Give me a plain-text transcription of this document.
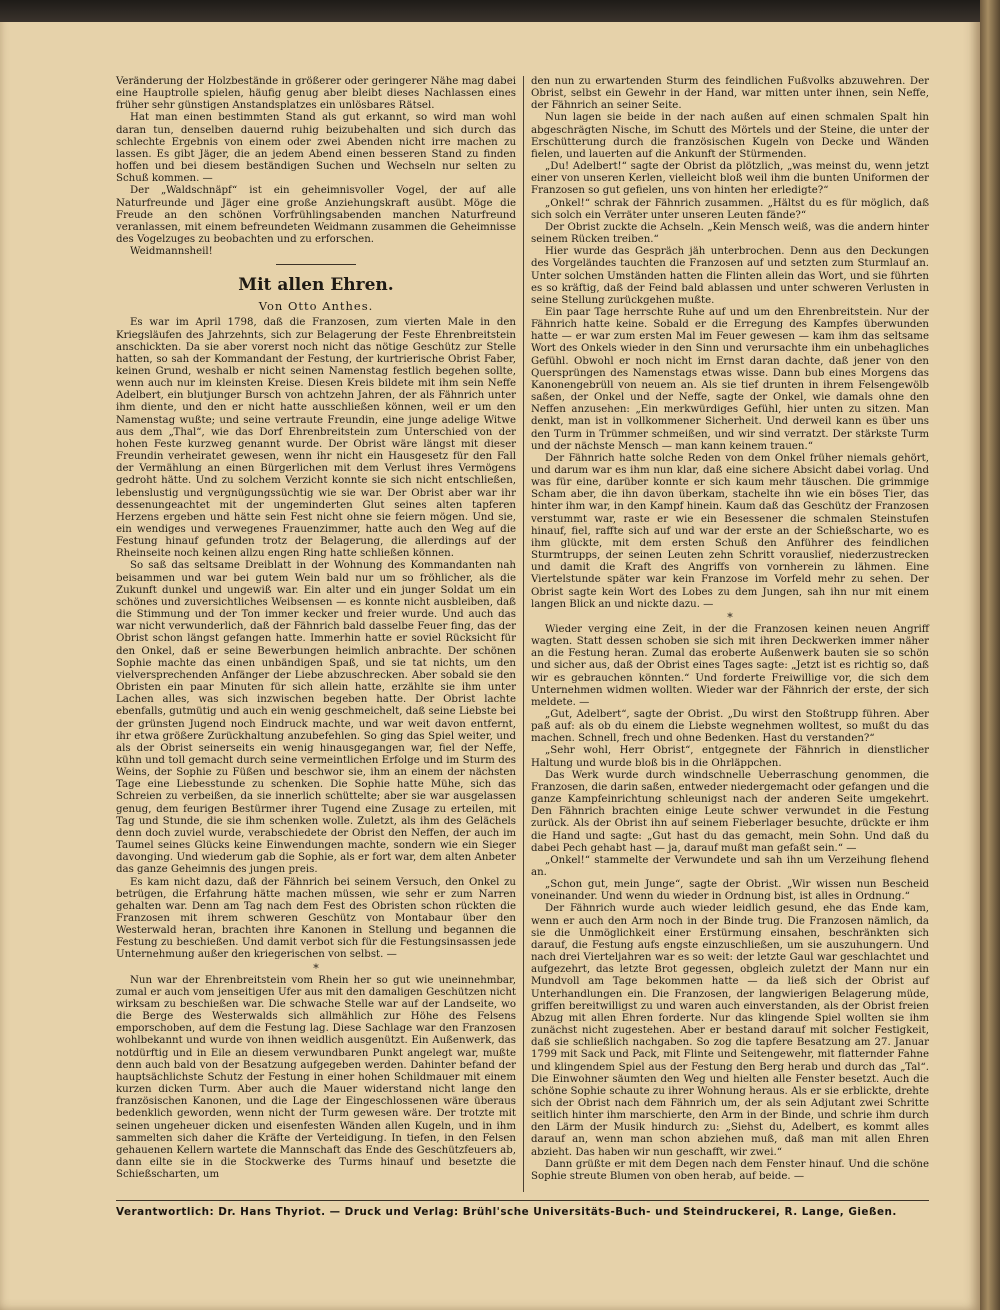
Veränderung der Holzbestände in größerer oder geringerer Nähe mag dabei eine Hauptrolle spielen, häufig genug aber bleibt dieses Nachlassen eines früher sehr günstigen Anstandsplatzes ein unlösbares Rätsel.

Hat man einen bestimmten Stand als gut erkannt, so wird man wohl daran tun, denselben dauernd ruhig beizubehalten und sich durch das schlechte Ergebnis von einem oder zwei Abenden nicht irre machen zu lassen. Es gibt Jäger, die an jedem Abend einen besseren Stand zu finden hoffen und bei diesem beständigen Suchen und Wechseln nur selten zu Schuß kommen. —

Der „Waldschnäpf“ ist ein geheimnisvoller Vogel, der auf alle Naturfreunde und Jäger eine große Anziehungskraft ausübt. Möge die Freude an den schönen Vorfrühlingsabenden manchen Naturfreund veranlassen, mit einem befreundeten Weidmann zusammen die Geheimnisse des Vogelzuges zu beobachten und zu erforschen.

Weidmannsheil!

Mit allen Ehren.
Von Otto Anthes.

Es war im April 1798, daß die Franzosen, zum vierten Male in den Kriegsläufen des Jahrzehnts, sich zur Belagerung der Feste Ehrenbreitstein anschickten. Da sie aber vorerst noch nicht das nötige Geschütz zur Stelle hatten, so sah der Kommandant der Festung, der kurtrierische Obrist Faber, keinen Grund, weshalb er nicht seinen Namenstag festlich begehen sollte, wenn auch nur im kleinsten Kreise. Diesen Kreis bildete mit ihm sein Neffe Adelbert, ein blutjunger Bursch von achtzehn Jahren, der als Fähnrich unter ihm diente, und den er nicht hatte ausschließen können, weil er um den Namenstag wußte; und seine vertraute Freundin, eine junge adelige Witwe aus dem „Thal“, wie das Dorf Ehrenbreitstein zum Unterschied von der hohen Feste kurzweg genannt wurde. Der Obrist wäre längst mit dieser Freundin verheiratet gewesen, wenn ihr nicht ein Hausgesetz für den Fall der Vermählung an einen Bürgerlichen mit dem Verlust ihres Vermögens gedroht hätte. Und zu solchem Verzicht konnte sie sich nicht entschließen, lebenslustig und vergnügungssüchtig wie sie war. Der Obrist aber war ihr dessenungeachtet mit der ungeminderten Glut seines alten tapferen Herzens ergeben und hätte sein Fest nicht ohne sie feiern mögen. Und sie, ein wendiges und verwegenes Frauenzimmer, hatte auch den Weg auf die Festung hinauf gefunden trotz der Belagerung, die allerdings auf der Rheinseite noch keinen allzu engen Ring hatte schließen können.

So saß das seltsame Dreiblatt in der Wohnung des Kommandanten nah beisammen und war bei gutem Wein bald nur um so fröhlicher, als die Zukunft dunkel und ungewiß war. Ein alter und ein junger Soldat um ein schönes und zuversichtliches Weibsensen — es konnte nicht ausbleiben, daß die Stimmung und der Ton immer kecker und freier wurde. Und auch das war nicht verwunderlich, daß der Fähnrich bald dasselbe Feuer fing, das der Obrist schon längst gefangen hatte. Immerhin hatte er soviel Rücksicht für den Onkel, daß er seine Bewerbungen heimlich anbrachte. Der schönen Sophie machte das einen unbändigen Spaß, und sie tat nichts, um den vielversprechenden Anfänger der Liebe abzuschrecken. Aber sobald sie den Obristen ein paar Minuten für sich allein hatte, erzählte sie ihm unter Lachen alles, was sich inzwischen begeben hatte. Der Obrist lachte ebenfalls, gutmütig und auch ein wenig geschmeichelt, daß seine Liebste bei der grünsten Jugend noch Eindruck machte, und war weit davon entfernt, ihr etwa größere Zurückhaltung anzubefehlen. So ging das Spiel weiter, und als der Obrist seinerseits ein wenig hinausgegangen war, fiel der Neffe, kühn und toll gemacht durch seine vermeintlichen Erfolge und im Sturm des Weins, der Sophie zu Füßen und beschwor sie, ihm an einem der nächsten Tage eine Liebesstunde zu schenken. Die Sophie hatte Mühe, sich das Schreien zu verbeißen, da sie innerlich schüttelte; aber sie war ausgelassen genug, dem feurigen Bestürmer ihrer Tugend eine Zusage zu erteilen, mit Tag und Stunde, die sie ihm schenken wolle. Zuletzt, als ihm des Gelächels denn doch zuviel wurde, verabschiedete der Obrist den Neffen, der auch im Taumel seines Glücks keine Einwendungen machte, sondern wie ein Sieger davonging. Und wiederum gab die Sophie, als er fort war, dem alten Anbeter das ganze Geheimnis des jungen preis.

Es kam nicht dazu, daß der Fähnrich bei seinem Versuch, den Onkel zu betrügen, die Erfahrung hätte machen müssen, wie sehr er zum Narren gehalten war. Denn am Tag nach dem Fest des Obristen schon rückten die Franzosen mit ihrem schweren Geschütz von Montabaur über den Westerwald heran, brachten ihre Kanonen in Stellung und begannen die Festung zu beschießen. Und damit verbot sich für die Festungsinsassen jede Unternehmung außer den kriegerischen von selbst. —

*

Nun war der Ehrenbreitstein vom Rhein her so gut wie uneinnehmbar, zumal er auch vom jenseitigen Ufer aus mit den damaligen Geschützen nicht wirksam zu beschießen war. Die schwache Stelle war auf der Landseite, wo die Berge des Westerwalds sich allmählich zur Höhe des Felsens emporschoben, auf dem die Festung lag. Diese Sachlage war den Franzosen wohlbekannt und wurde von ihnen weidlich ausgenützt. Ein Außenwerk, das notdürftig und in Eile an diesem verwundbaren Punkt angelegt war, mußte denn auch bald von der Besatzung aufgegeben werden. Dahinter befand der hauptsächlichste Schutz der Festung in einer hohen Schildmauer mit einem kurzen dicken Turm. Aber auch die Mauer widerstand nicht lange den französischen Kanonen, und die Lage der Eingeschlossenen wäre überaus bedenklich geworden, wenn nicht der Turm gewesen wäre. Der trotzte mit seinen ungeheuer dicken und eisenfesten Wänden allen Kugeln, und in ihm sammelten sich daher die Kräfte der Verteidigung. In tiefen, in den Felsen gehauenen Kellern wartete die Mannschaft das Ende des Geschützfeuers ab, dann eilte sie in die Stockwerke des Turms hinauf und besetzte die Schießscharten, um

den nun zu erwartenden Sturm des feindlichen Fußvolks abzuwehren. Der Obrist, selbst ein Gewehr in der Hand, war mitten unter ihnen, sein Neffe, der Fähnrich an seiner Seite.

Nun lagen sie beide in der nach außen auf einen schmalen Spalt hin abgeschrägten Nische, im Schutt des Mörtels und der Steine, die unter der Erschütterung durch die französischen Kugeln von Decke und Wänden fielen, und lauerten auf die Ankunft der Stürmenden.

„Du! Adelbert!“ sagte der Obrist da plötzlich, „was meinst du, wenn jetzt einer von unseren Kerlen, vielleicht bloß weil ihm die bunten Uniformen der Franzosen so gut gefielen, uns von hinten her erledigte?“

„Onkel!“ schrak der Fähnrich zusammen. „Hältst du es für möglich, daß sich solch ein Verräter unter unseren Leuten fände?“

Der Obrist zuckte die Achseln. „Kein Mensch weiß, was die andern hinter seinem Rücken treiben.“

Hier wurde das Gespräch jäh unterbrochen. Denn aus den Deckungen des Vorgeländes tauchten die Franzosen auf und setzten zum Sturmlauf an. Unter solchen Umständen hatten die Flinten allein das Wort, und sie führten es so kräftig, daß der Feind bald ablassen und unter schweren Verlusten in seine Stellung zurückgehen mußte.

Ein paar Tage herrschte Ruhe auf und um den Ehrenbreitstein. Nur der Fähnrich hatte keine. Sobald er die Erregung des Kampfes überwunden hatte — er war zum ersten Mal im Feuer gewesen — kam ihm das seltsame Wort des Onkels wieder in den Sinn und verursachte ihm ein unbehagliches Gefühl. Obwohl er noch nicht im Ernst daran dachte, daß jener von den Quersprüngen des Namenstags etwas wisse. Dann bub eines Morgens das Kanonengebrüll von neuem an. Als sie tief drunten in ihrem Felsengewölb saßen, der Onkel und der Neffe, sagte der Onkel, wie damals ohne den Neffen anzusehen: „Ein merkwürdiges Gefühl, hier unten zu sitzen. Man denkt, man ist in vollkommener Sicherheit. Und derweil kann es über uns den Turm in Trümmer schmeißen, und wir sind verratzt. Der stärkste Turm und der nächste Mensch — man kann keinem trauen.“

Der Fähnrich hatte solche Reden von dem Onkel früher niemals gehört, und darum war es ihm nun klar, daß eine sichere Absicht dabei vorlag. Und was für eine, darüber konnte er sich kaum mehr täuschen. Die grimmige Scham aber, die ihn davon überkam, stachelte ihn wie ein böses Tier, das hinter ihm war, in den Kampf hinein. Kaum daß das Geschütz der Franzosen verstummt war, raste er wie ein Besessener die schmalen Steinstufen hinauf, fiel, raffte sich auf und war der erste an der Schießscharte, wo es ihm glückte, mit dem ersten Schuß den Anführer des feindlichen Sturmtrupps, der seinen Leuten zehn Schritt vorauslief, niederzustrecken und damit die Kraft des Angriffs von vornherein zu lähmen. Eine Viertelstunde später war kein Franzose im Vorfeld mehr zu sehen. Der Obrist sagte kein Wort des Lobes zu dem Jungen, sah ihn nur mit einem langen Blick an und nickte dazu. —

*

Wieder verging eine Zeit, in der die Franzosen keinen neuen Angriff wagten. Statt dessen schoben sie sich mit ihren Deckwerken immer näher an die Festung heran. Zumal das eroberte Außenwerk bauten sie so schön und sicher aus, daß der Obrist eines Tages sagte: „Jetzt ist es richtig so, daß wir es gebrauchen könnten.“ Und forderte Freiwillige vor, die sich dem Unternehmen widmen wollten. Wieder war der Fähnrich der erste, der sich meldete. —

„Gut, Adelbert“, sagte der Obrist. „Du wirst den Stoßtrupp führen. Aber paß auf: als ob du einem die Liebste wegnehmen wolltest, so mußt du das machen. Schnell, frech und ohne Bedenken. Hast du verstanden?“

„Sehr wohl, Herr Obrist“, entgegnete der Fähnrich in dienstlicher Haltung und wurde bloß bis in die Ohrläppchen.

Das Werk wurde durch windschnelle Ueberraschung genommen, die Franzosen, die darin saßen, entweder niedergemacht oder gefangen und die ganze Kampfeinrichtung schleunigst nach der anderen Seite umgekehrt. Den Fähnrich brachten einige Leute schwer verwundet in die Festung zurück. Als der Obrist ihn auf seinem Fieberlager besuchte, drückte er ihm die Hand und sagte: „Gut hast du das gemacht, mein Sohn. Und daß du dabei Pech gehabt hast — ja, darauf mußt man gefaßt sein.“ —

„Onkel!“ stammelte der Verwundete und sah ihn um Verzeihung flehend an.

„Schon gut, mein Junge“, sagte der Obrist. „Wir wissen nun Bescheid voneinander. Und wenn du wieder in Ordnung bist, ist alles in Ordnung.“

Der Fähnrich wurde auch wieder leidlich gesund, ehe das Ende kam, wenn er auch den Arm noch in der Binde trug. Die Franzosen nämlich, da sie die Unmöglichkeit einer Erstürmung einsahen, beschränkten sich darauf, die Festung aufs engste einzuschließen, um sie auszuhungern. Und nach drei Vierteljahren war es so weit: der letzte Gaul war geschlachtet und aufgezehrt, das letzte Brot gegessen, obgleich zuletzt der Mann nur ein Mundvoll am Tage bekommen hatte — da ließ sich der Obrist auf Unterhandlungen ein. Die Franzosen, der langwierigen Belagerung müde, griffen bereitwilligst zu und waren auch einverstanden, als der Obrist freien Abzug mit allen Ehren forderte. Nur das klingende Spiel wollten sie ihm zunächst nicht zugestehen. Aber er bestand darauf mit solcher Festigkeit, daß sie schließlich nachgaben. So zog die tapfere Besatzung am 27. Januar 1799 mit Sack und Pack, mit Flinte und Seitengewehr, mit flatternder Fahne und klingendem Spiel aus der Festung den Berg herab und durch das „Tal“. Die Einwohner säumten den Weg und hielten alle Fenster besetzt. Auch die schöne Sophie schaute zu ihrer Wohnung heraus. Als er sie erblickte, drehte sich der Obrist nach dem Fähnrich um, der als sein Adjutant zwei Schritte seitlich hinter ihm marschierte, den Arm in der Binde, und schrie ihm durch den Lärm der Musik hindurch zu: „Siehst du, Adelbert, es kommt alles darauf an, wenn man schon abziehen muß, daß man mit allen Ehren abzieht. Das haben wir nun geschafft, wir zwei.“

Dann grüßte er mit dem Degen nach dem Fenster hinauf. Und die schöne Sophie streute Blumen von oben herab, auf beide. —

Verantwortlich: Dr. Hans Thyriot. — Druck und Verlag: Brühl'sche Universitäts-Buch- und Steindruckerei, R. Lange, Gießen.
